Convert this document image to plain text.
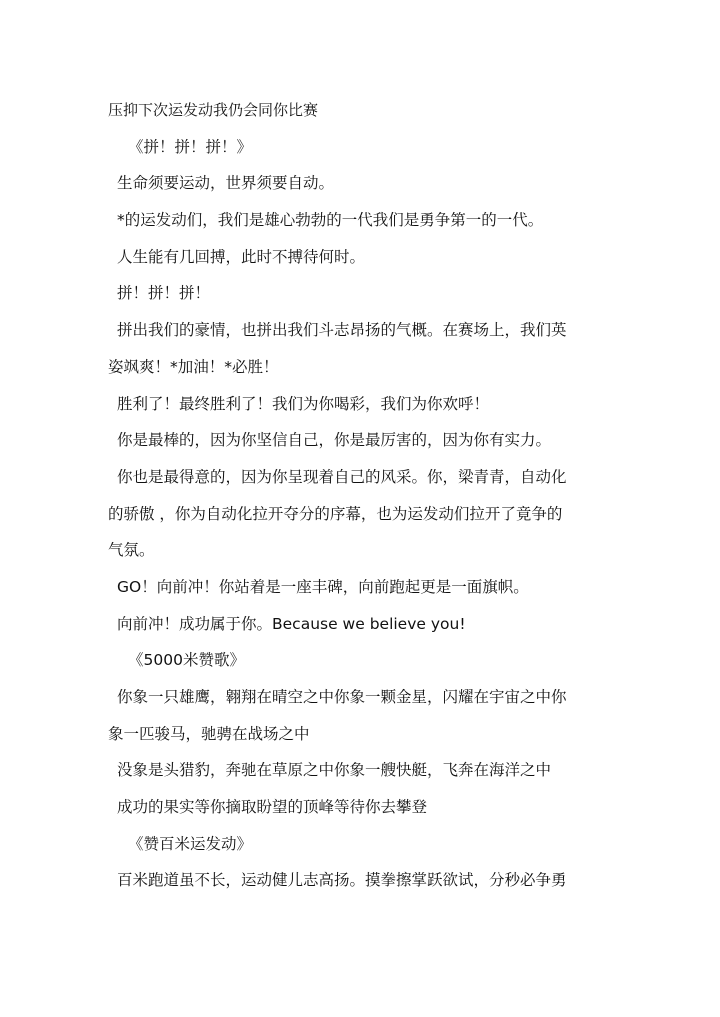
压抑下次运发动我仍会同你比赛
《拼！拼！拼！》
生命须要运动，世界须要自动。
*的运发动们，我们是雄心勃勃的一代我们是勇争第一的一代。
人生能有几回搏，此时不搏待何时。
拼！拼！拼！
拼出我们的豪情，也拼出我们斗志昂扬的气概。在赛场上，我们英
姿飒爽！*加油！*必胜！
胜利了！最终胜利了！我们为你喝彩，我们为你欢呼！
你是最棒的，因为你坚信自己，你是最厉害的，因为你有实力。
你也是最得意的，因为你呈现着自己的风采。你，梁青青，自动化
的骄傲 ，你为自动化拉开夺分的序幕，也为运发动们拉开了竟争的
气氛。
GO！向前冲！你站着是一座丰碑，向前跑起更是一面旗帜。
向前冲！成功属于你。Because we believe you!
《5000米赞歌》
你象一只雄鹰，翱翔在晴空之中你象一颗金星，闪耀在宇宙之中你
象一匹骏马，驰骋在战场之中
没象是头猎豹，奔驰在草原之中你象一艘快艇，飞奔在海洋之中
成功的果实等你摘取盼望的顶峰等待你去攀登
《赞百米运发动》
百米跑道虽不长，运动健儿志高扬。摸拳擦掌跃欲试，分秒必争勇
